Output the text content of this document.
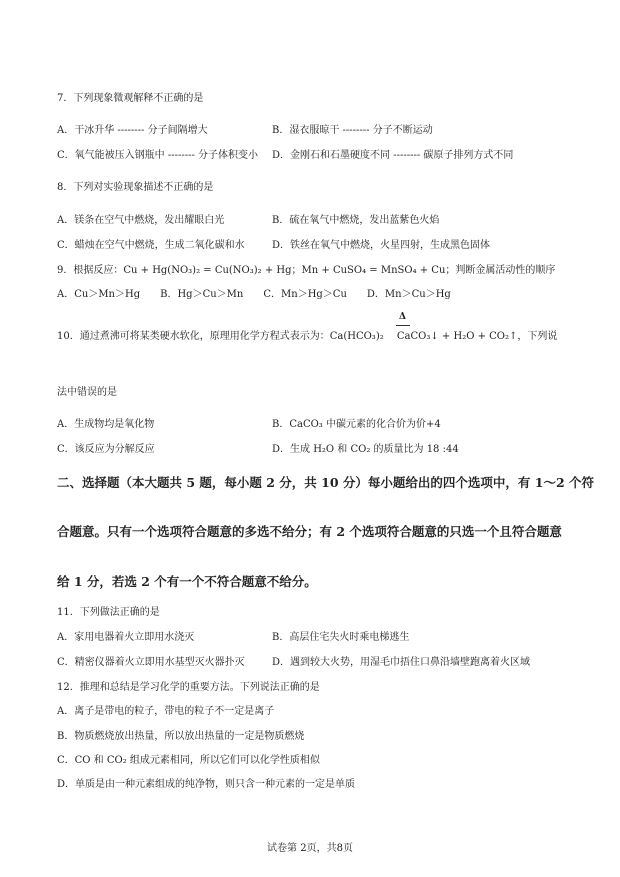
7．下列现象微观解释不正确的是
A．干冰升华 -------- 分子间隔增大	B．湿衣服晾干 -------- 分子不断运动
C．氧气能被压入钢瓶中 -------- 分子体积变小 D．金刚石和石墨硬度不同 -------- 碳原子排列方式不同
8．下列对实验现象描述不正确的是
A．镁条在空气中燃烧，发出耀眼白光	B．硫在氧气中燃烧，发出蓝紫色火焰
C．蜡烛在空气中燃烧，生成二氧化碳和水	D．铁丝在氧气中燃烧，火星四射，生成黑色固体
9．根据反应：Cu + Hg(NO₃)₂ = Cu(NO₃)₂ + Hg；Mn + CuSO₄ = MnSO₄ + Cu；判断金属活动性的顺序
A．Cu＞Mn＞Hg　　B．Hg＞Cu＞Mn　　C．Mn＞Hg＞Cu　　D．Mn＞Cu＞Hg
Δ
10．通过煮沸可将某类硬水软化，原理用化学方程式表示为：Ca(HCO₃)₂　 CaCO₃↓ + H₂O + CO₂↑，下列说
法中错误的是
A．生成物均是氧化物	B．CaCO₃ 中碳元素的化合价为价+4
C．该反应为分解反应	D．生成 H₂O 和 CO₂ 的质量比为 18 :44
二、选择题（本大题共 5 题，每小题 2 分，共 10 分）每小题给出的四个选项中，有 1～2 个符
合题意。只有一个选项符合题意的多选不给分；有 2 个选项符合题意的只选一个且符合题意
给 1 分，若选 2 个有一个不符合题意不给分。
11．下列做法正确的是
A．家用电器着火立即用水浇灭	B．高层住宅失火时乘电梯逃生
C．精密仪器着火立即用水基型灭火器扑灭	D．遇到较大火势，用湿毛巾捂住口鼻沿墙壁跑离着火区域
12．推理和总结是学习化学的重要方法。下列说法正确的是
A．离子是带电的粒子，带电的粒子不一定是离子
B．物质燃烧放出热量，所以放出热量的一定是物质燃烧
C．CO 和 CO₂ 组成元素相同，所以它们可以化学性质相似
D．单质是由一种元素组成的纯净物，则只含一种元素的一定是单质
试卷第 2页，共8页
